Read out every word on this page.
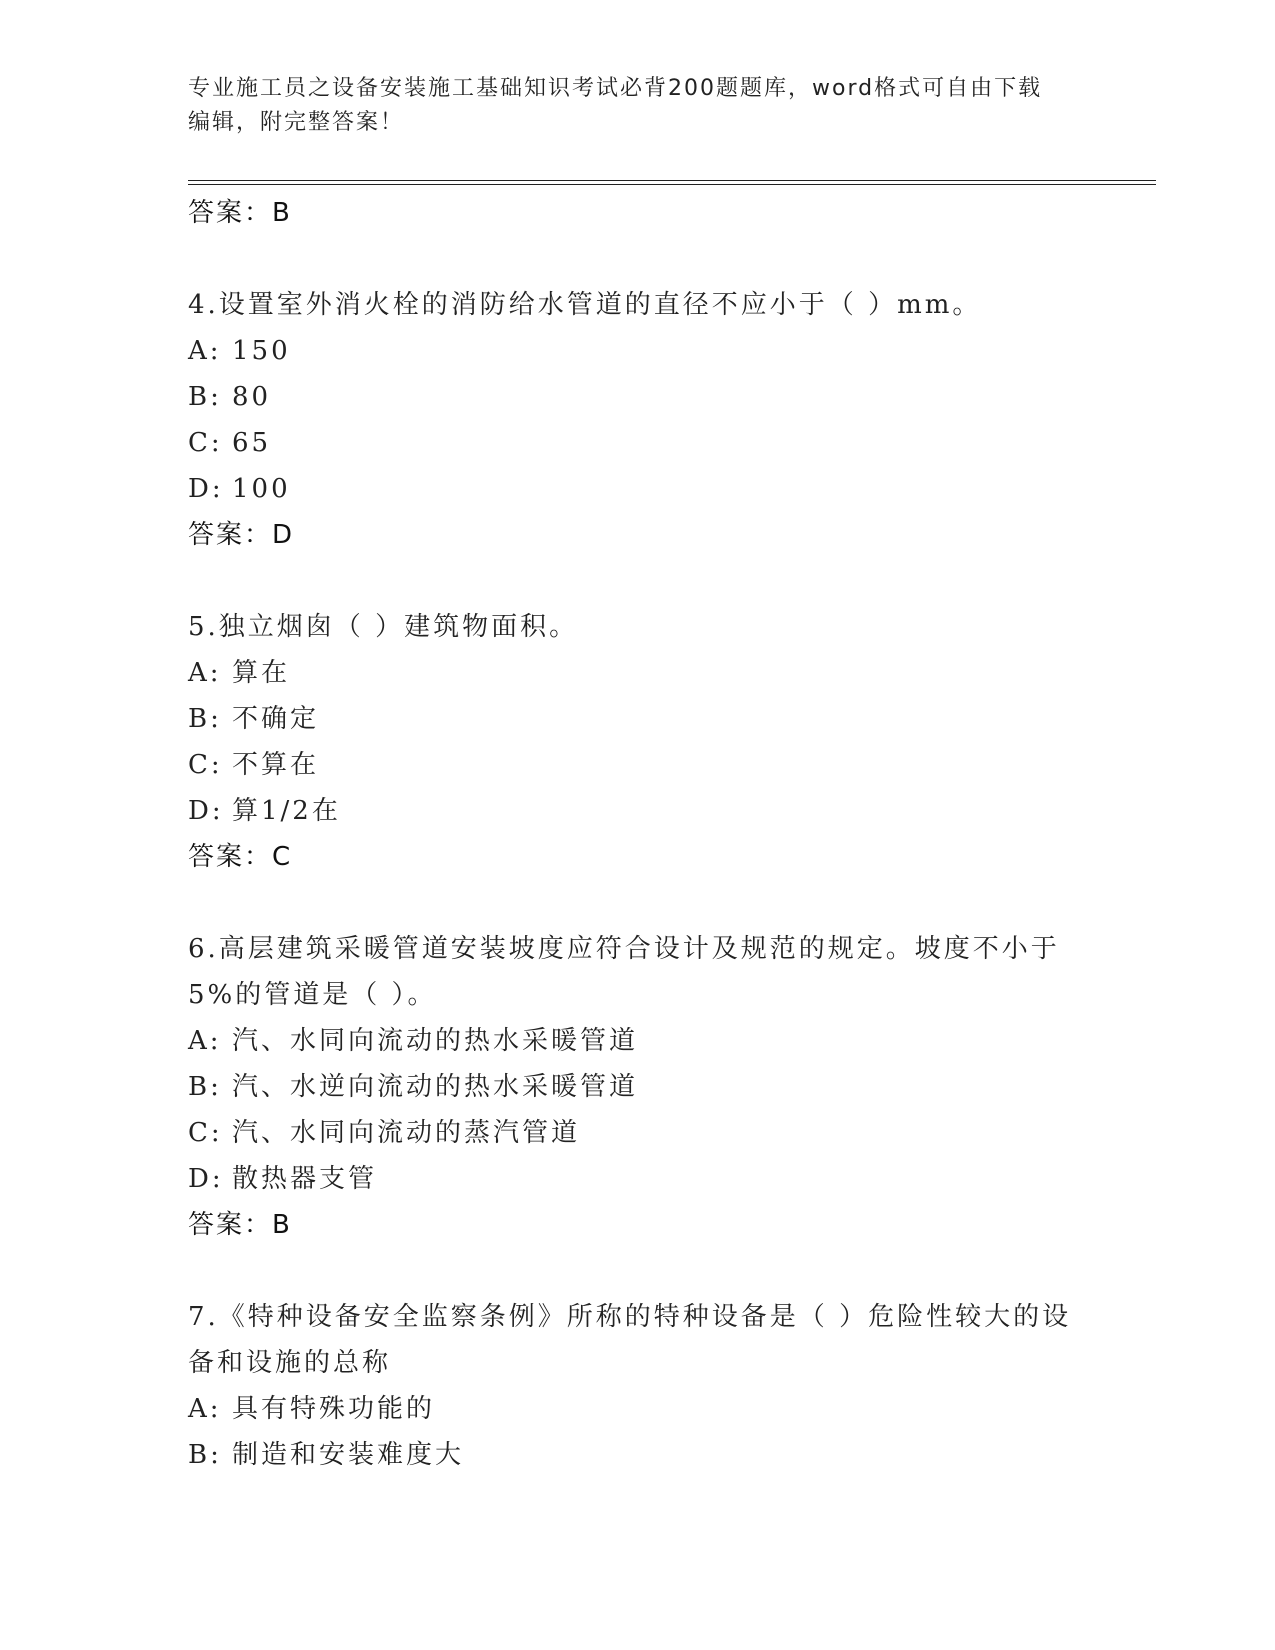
专业施工员之设备安装施工基础知识考试必背200题题库，word格式可自由下载
编辑，附完整答案！
答案：B
4.设置室外消火栓的消防给水管道的直径不应小于（ ）mm。
A: 150
B: 80
C: 65
D: 100
答案：D
5.独立烟囱（ ）建筑物面积。
A: 算在
B: 不确定
C: 不算在
D: 算1/2在
答案：C
6.高层建筑采暖管道安装坡度应符合设计及规范的规定。坡度不小于
5%的管道是（ ）。
A: 汽、水同向流动的热水采暖管道
B: 汽、水逆向流动的热水采暖管道
C: 汽、水同向流动的蒸汽管道
D: 散热器支管
答案：B
7.《特种设备安全监察条例》所称的特种设备是（ ）危险性较大的设
备和设施的总称
A: 具有特殊功能的
B: 制造和安装难度大
